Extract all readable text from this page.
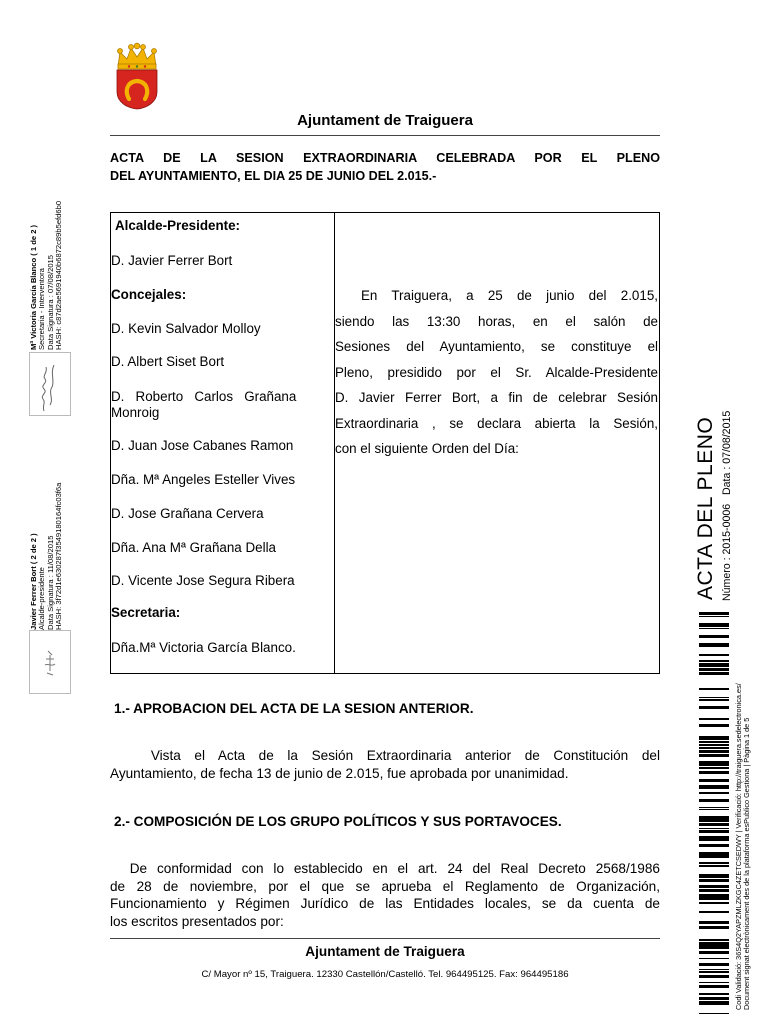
Ajuntament de Traiguera
ACTA DE LA SESION EXTRAORDINARIA CELEBRADA POR EL PLENO
DEL AYUNTAMIENTO, EL DIA 25 DE JUNIO DEL 2.015.-
Alcalde-Presidente:
D. Javier Ferrer Bort
Concejales:
D. Kevin Salvador Molloy
D. Albert Siset Bort
D.   Roberto   Carlos   Grañana
Monroig
D. Juan Jose Cabanes Ramon
Dña. Mª Angeles Esteller Vives
D. Jose Grañana Cervera
Dña. Ana Mª Grañana Della
D. Vicente Jose Segura Ribera
Secretaria:
Dña.Mª Victoria García Blanco.
En Traiguera, a 25 de junio del 2.015,
siendo las 13:30 horas, en el salón de
Sesiones del Ayuntamiento, se constituye el
Pleno, presidido por el Sr. Alcalde-Presidente
D. Javier Ferrer Bort, a fin de celebrar Sesión
Extraordinaria , se declara abierta la Sesión,
con el siguiente Orden del Día:
1.- APROBACION DEL ACTA DE LA SESION ANTERIOR.
Vista el Acta de la Sesión Extraordinaria anterior de Constitución del
Ayuntamiento, de fecha 13 de junio de 2.015, fue aprobada por unanimidad.
2.- COMPOSICIÓN DE LOS GRUPO POLÍTICOS Y SUS PORTAVOCES.
De conformidad con lo establecido en el art. 24 del Real Decreto 2568/1986
de 28 de noviembre, por el que se aprueba el Reglamento de Organización,
Funcionamiento y Régimen Jurídico de las Entidades locales, se da cuenta de
los escritos presentados por:
Ajuntament de Traiguera
C/ Mayor nº 15, Traiguera. 12330 Castellón/Castelló. Tel. 964495125. Fax: 964495186
Mª Victoria García Blanco ( 1 de 2 ) Secretaria - Interventora Data Signatura : 07/08/2015 HASH: c87d2ae5691940b6872c89b5efd6b0
Javier Ferrer Bort ( 2 de 2 ) Alcalde-presidente Data Signatura : 11/08/2015 HASH: 3f72d1e630287f3549180164fc03f6a	ACTA DEL PLENO Número : 2015-0006   Data : 07/08/2015
Codi Validació: 36S4Q2YAPZMLZKGC4ZETCSEDWY | Verificació: http://traiguera.sedelectronica.es/ Document signat electrònicament des de la plataforma esPublico Gestiona | Pàgina 1 de 5
